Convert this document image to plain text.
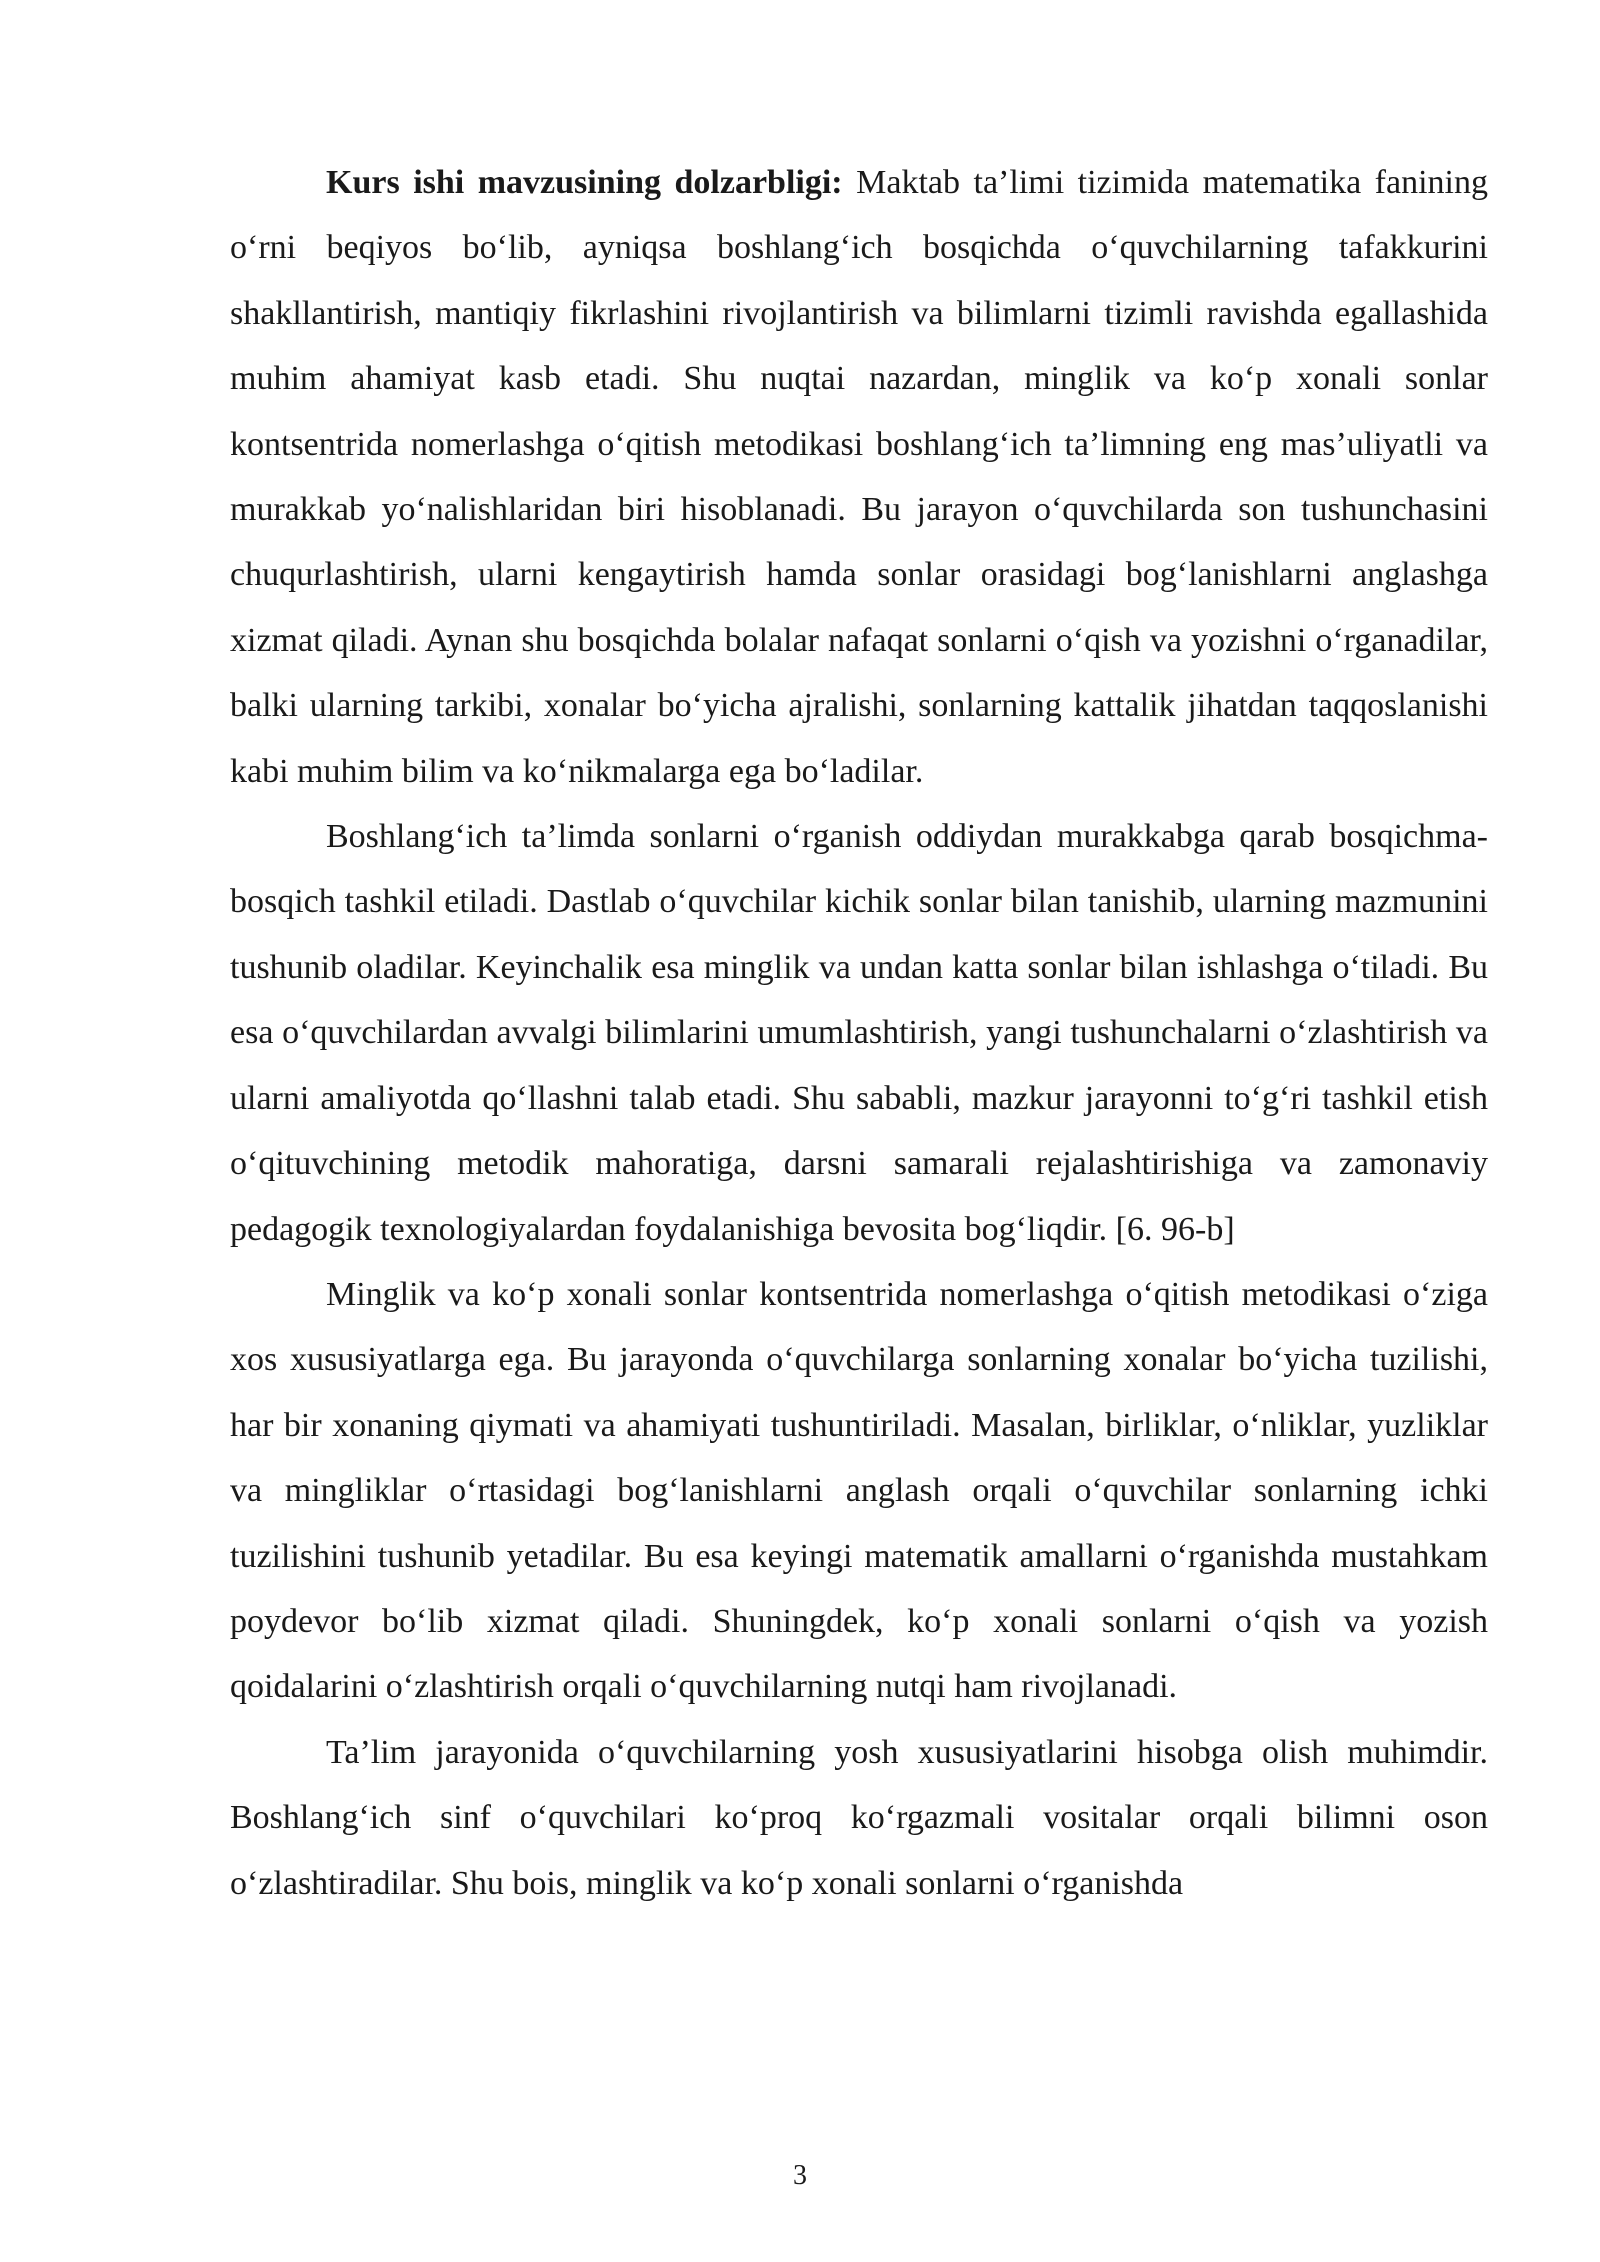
Kurs ishi mavzusining dolzarbligi: Maktab ta’limi tizimida matematika fanining o‘rni beqiyos bo‘lib, ayniqsa boshlang‘ich bosqichda o‘quvchilarning tafakkurini shakllantirish, mantiqiy fikrlashini rivojlantirish va bilimlarni tizimli ravishda egallashida muhim ahamiyat kasb etadi. Shu nuqtai nazardan, minglik va ko‘p xonali sonlar kontsentrida nomerlashga o‘qitish metodikasi boshlang‘ich ta’limning eng mas’uliyatli va murakkab yo‘nalishlaridan biri hisoblanadi. Bu jarayon o‘quvchilarda son tushunchasini chuqurlashtirish, ularni kengaytirish hamda sonlar orasidagi bog‘lanishlarni anglashga xizmat qiladi. Aynan shu bosqichda bolalar nafaqat sonlarni o‘qish va yozishni o‘rganadilar, balki ularning tarkibi, xonalar bo‘yicha ajralishi, sonlarning kattalik jihatdan taqqoslanishi kabi muhim bilim va ko‘nikmalarga ega bo‘ladilar.

Boshlang‘ich ta’limda sonlarni o‘rganish oddiydan murakkabga qarab bosqichma-bosqich tashkil etiladi. Dastlab o‘quvchilar kichik sonlar bilan tanishib, ularning mazmunini tushunib oladilar. Keyinchalik esa minglik va undan katta sonlar bilan ishlashga o‘tiladi. Bu esa o‘quvchilardan avvalgi bilimlarini umumlashtirish, yangi tushunchalarni o‘zlashtirish va ularni amaliyotda qo‘llashni talab etadi. Shu sababli, mazkur jarayonni to‘g‘ri tashkil etish o‘qituvchining metodik mahoratiga, darsni samarali rejalashtirishiga va zamonaviy pedagogik texnologiyalardan foydalanishiga bevosita bog‘liqdir. [6. 96-b]

Minglik va ko‘p xonali sonlar kontsentrida nomerlashga o‘qitish metodikasi o‘ziga xos xususiyatlarga ega. Bu jarayonda o‘quvchilarga sonlarning xonalar bo‘yicha tuzilishi, har bir xonaning qiymati va ahamiyati tushuntiriladi. Masalan, birliklar, o‘nliklar, yuzliklar va mingliklar o‘rtasidagi bog‘lanishlarni anglash orqali o‘quvchilar sonlarning ichki tuzilishini tushunib yetadilar. Bu esa keyingi matematik amallarni o‘rganishda mustahkam poydevor bo‘lib xizmat qiladi. Shuningdek, ko‘p xonali sonlarni o‘qish va yozish qoidalarini o‘zlashtirish orqali o‘quvchilarning nutqi ham rivojlanadi.

Ta’lim jarayonida o‘quvchilarning yosh xususiyatlarini hisobga olish muhimdir. Boshlang‘ich sinf o‘quvchilari ko‘proq ko‘rgazmali vositalar orqali bilimni oson o‘zlashtiradilar. Shu bois, minglik va ko‘p xonali sonlarni o‘rganishda

3
